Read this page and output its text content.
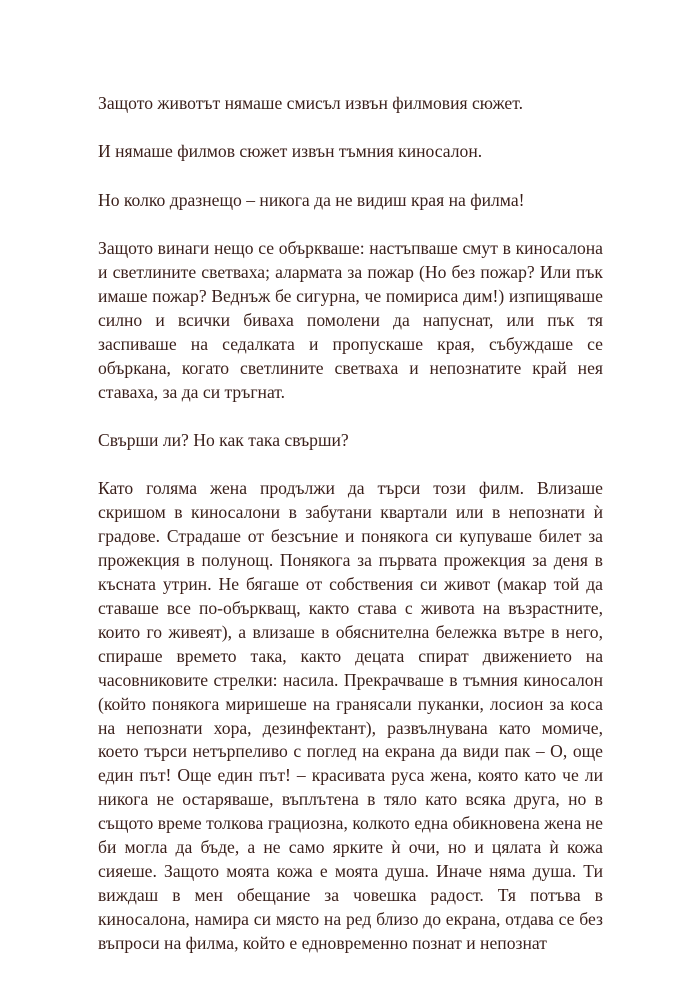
Защото животът нямаше смисъл извън филмовия сюжет.

И нямаше филмов сюжет извън тъмния киносалон.

Но колко дразнещо – никога да не видиш края на филма!

Защото винаги нещо се объркваше: настъпваше смут в киносалона и светлините светваха; алармата за пожар (Но без пожар? Или пък имаше пожар? Веднъж бе сигурна, че помириса дим!) изпищяваше силно и всички биваха помолени да напуснат, или пък тя заспиваше на седалката и пропускаше края, събуждаше се объркана, когато светлините светваха и непознатите край нея ставаха, за да си тръгнат.

Свърши ли? Но как така свърши?

Като голяма жена продължи да търси този филм. Влизаше скришом в киносалони в забутани квартали или в непознати ѝ градове. Страдаше от безсъние и понякога си купуваше билет за прожекция в полунощ. Понякога за първата прожекция за деня в късната утрин. Не бягаше от собствения си живот (макар той да ставаше все по-объркващ, както става с живота на възрастните, които го живеят), а влизаше в обяснителна бележка вътре в него, спираше времето така, както децата спират движението на часовниковите стрелки: насила. Прекрачваше в тъмния киносалон (който понякога миришеше на гранясали пуканки, лосион за коса на непознати хора, дезинфектант), развълнувана като момиче, което търси нетърпеливо с поглед на екрана да види пак – О, още един път! Още един път! – красивата руса жена, която като че ли никога не остаряваше, въплътена в тяло като всяка друга, но в същото време толкова грациозна, колкото една обикновена жена не би могла да бъде, а не само ярките ѝ очи, но и цялата ѝ кожа сияеше. Защото моята кожа е моята душа. Иначе няма душа. Ти виждаш в мен обещание за човешка радост. Тя потъва в киносалона, намира си място на ред близо до екрана, отдава се без въпроси на филма, който е едновременно познат и непознат
